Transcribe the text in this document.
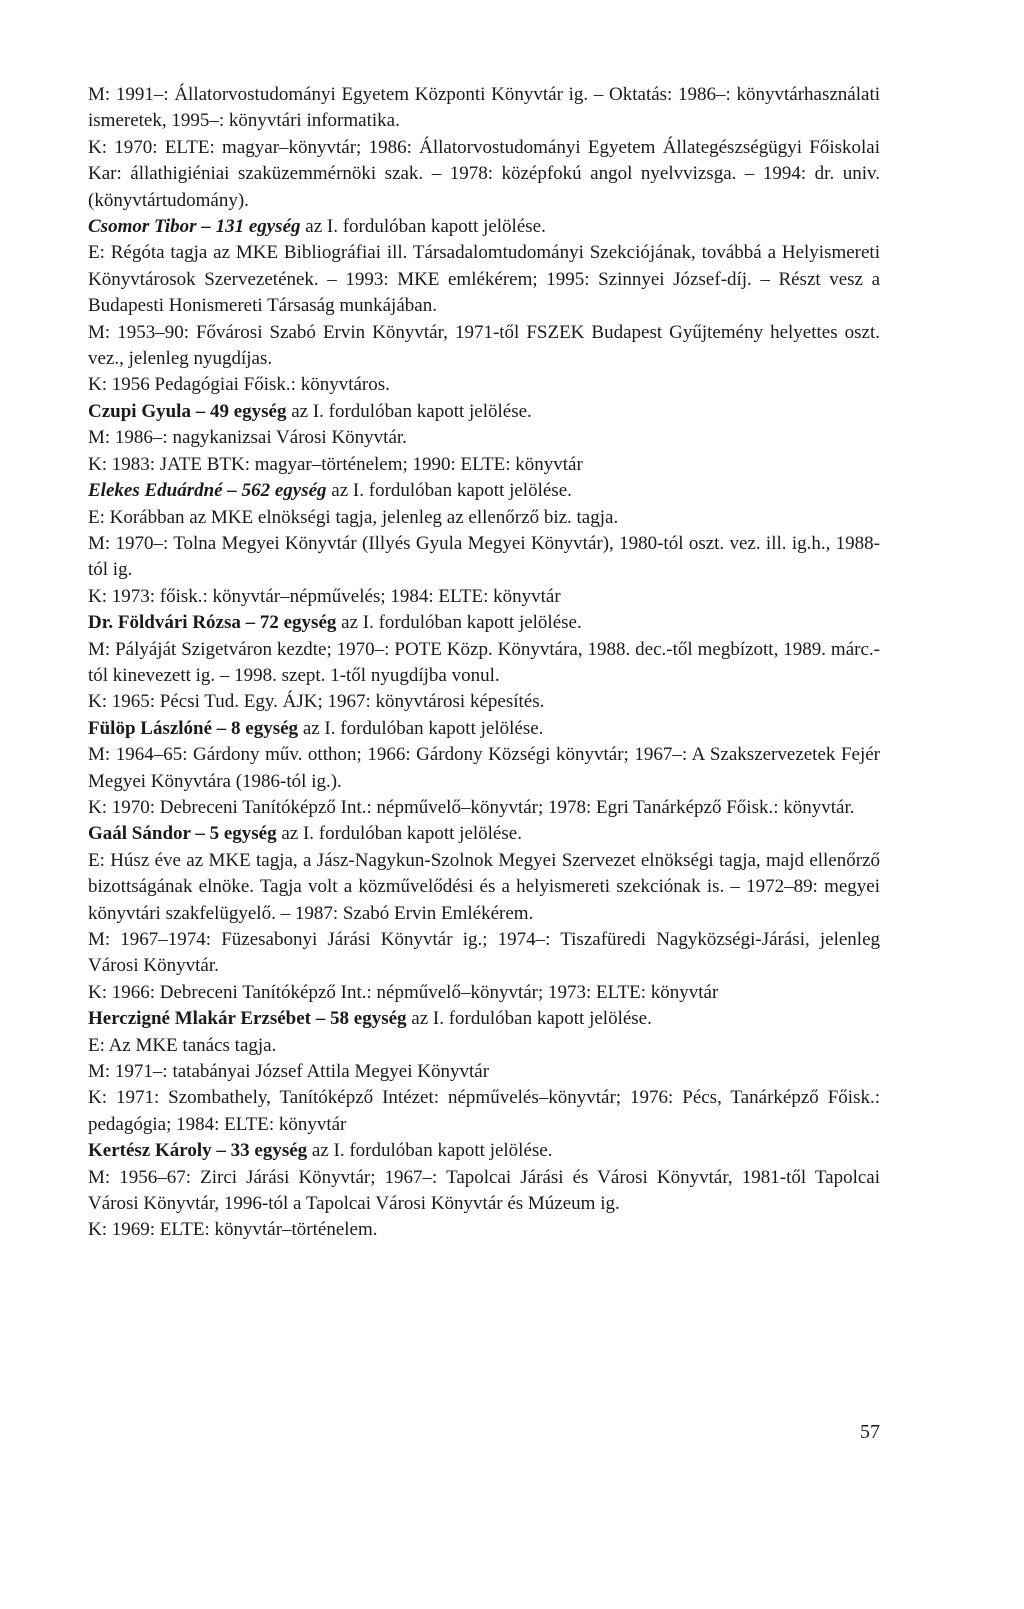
M: 1991–: Állatorvostudományi Egyetem Központi Könyvtár ig. – Oktatás: 1986–: könyvtárhasználati ismeretek, 1995–: könyvtári informatika.

K: 1970: ELTE: magyar–könyvtár; 1986: Állatorvostudományi Egyetem Állategészségügyi Főiskolai Kar: állathigiéniai szaküzemmérnöki szak. – 1978: középfokú angol nyelvvizsga. – 1994: dr. univ. (könyvtártudomány).

Csomor Tibor – 131 egység az I. fordulóban kapott jelölése.

E: Régóta tagja az MKE Bibliográfiai ill. Társadalomtudományi Szekciójának, továbbá a Helyismereti Könyvtárosok Szervezetének. – 1993: MKE emlékérem; 1995: Szinnyei József-díj. – Részt vesz a Budapesti Honismereti Társaság munkájában.

M: 1953–90: Fővárosi Szabó Ervin Könyvtár, 1971-től FSZEK Budapest Gyűjtemény helyettes oszt. vez., jelenleg nyugdíjas.

K: 1956 Pedagógiai Főisk.: könyvtáros.

Czupi Gyula – 49 egység az I. fordulóban kapott jelölése.

M: 1986–: nagykanizsai Városi Könyvtár.

K: 1983: JATE BTK: magyar–történelem; 1990: ELTE: könyvtár

Elekes Eduárdné – 562 egység az I. fordulóban kapott jelölése.

E: Korábban az MKE elnökségi tagja, jelenleg az ellenőrző biz. tagja.

M: 1970–: Tolna Megyei Könyvtár (Illyés Gyula Megyei Könyvtár), 1980-tól oszt. vez. ill. ig.h., 1988-tól ig.

K: 1973: főisk.: könyvtár–népművelés; 1984: ELTE: könyvtár

Dr. Földvári Rózsa – 72 egység az I. fordulóban kapott jelölése.

M: Pályáját Szigetváron kezdte; 1970–: POTE Közp. Könyvtára, 1988. dec.-től megbízott, 1989. márc.-tól kinevezett ig. – 1998. szept. 1-től nyugdíjba vonul.

K: 1965: Pécsi Tud. Egy. ÁJK; 1967: könyvtárosi képesítés.

Fülöp Lászlóné – 8 egység az I. fordulóban kapott jelölése.

M: 1964–65: Gárdony műv. otthon; 1966: Gárdony Községi könyvtár; 1967–: A Szakszervezetek Fejér Megyei Könyvtára (1986-tól ig.).

K: 1970: Debreceni Tanítóképző Int.: népművelő–könyvtár; 1978: Egri Tanárképző Főisk.: könyvtár.

Gaál Sándor – 5 egység az I. fordulóban kapott jelölése.

E: Húsz éve az MKE tagja, a Jász-Nagykun-Szolnok Megyei Szervezet elnökségi tagja, majd ellenőrző bizottságának elnöke. Tagja volt a közművelődési és a helyismereti szekciónak is. – 1972–89: megyei könyvtári szakfelügyelő. – 1987: Szabó Ervin Emlékérem.

M: 1967–1974: Füzesabonyi Járási Könyvtár ig.; 1974–: Tiszafüredi Nagyközségi-Járási, jelenleg Városi Könyvtár.

K: 1966: Debreceni Tanítóképző Int.: népművelő–könyvtár; 1973: ELTE: könyvtár

Herczigné Mlakár Erzsébet – 58 egység az I. fordulóban kapott jelölése.

E: Az MKE tanács tagja.

M: 1971–: tatabányai József Attila Megyei Könyvtár

K: 1971: Szombathely, Tanítóképző Intézet: népművelés–könyvtár; 1976: Pécs, Tanárképző Főisk.: pedagógia; 1984: ELTE: könyvtár

Kertész Károly – 33 egység az I. fordulóban kapott jelölése.

M: 1956–67: Zirci Járási Könyvtár; 1967–: Tapolcai Járási és Városi Könyvtár, 1981-től Tapolcai Városi Könyvtár, 1996-tól a Tapolcai Városi Könyvtár és Múzeum ig.

K: 1969: ELTE: könyvtár–történelem.

57
